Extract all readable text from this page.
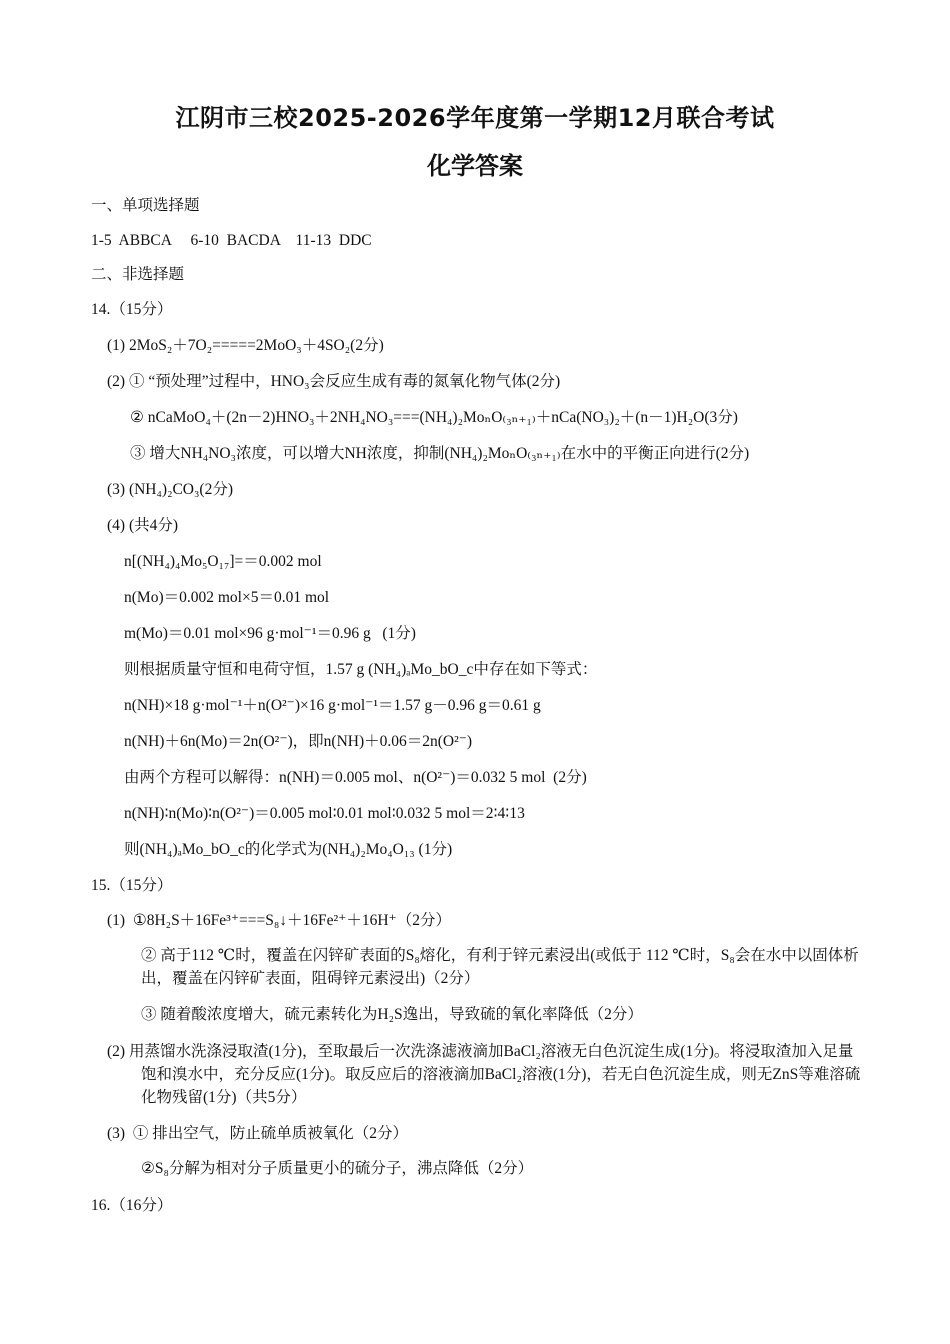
江阴市三校2025-2026学年度第一学期12月联合考试
化学答案
一、单项选择题
1-5  ABBCA     6-10  BACDA    11-13  DDC
二、非选择题
14.（15分）
(1) 2MoS₂＋7O₂=====2MoO₃＋4SO₂(2分)
(2) ① “预处理”过程中，HNO₃会反应生成有毒的氮氧化物气体(2分)
② nCaMoO₄＋(2n－2)HNO₃＋2NH₄NO₃===(NH₄)₂MoₙO₍₃ₙ₊₁₎＋nCa(NO₃)₂＋(n－1)H₂O(3分)
③ 增大NH₄NO₃浓度，可以增大NH浓度，抑制(NH₄)₂MoₙO₍₃ₙ₊₁₎在水中的平衡正向进行(2分)
(3) (NH₄)₂CO₃(2分)
(4) (共4分)
n[(NH₄)₄Mo₅O₁₇]=＝0.002 mol
n(Mo)＝0.002 mol×5＝0.01 mol
m(Mo)＝0.01 mol×96 g·mol⁻¹＝0.96 g   (1分)
则根据质量守恒和电荷守恒，1.57 g (NH₄)ₐMo_bO_c中存在如下等式：
n(NH)×18 g·mol⁻¹＋n(O²⁻)×16 g·mol⁻¹＝1.57 g－0.96 g＝0.61 g
n(NH)＋6n(Mo)＝2n(O²⁻)，即n(NH)＋0.06＝2n(O²⁻)
由两个方程可以解得：n(NH)＝0.005 mol、n(O²⁻)＝0.032 5 mol  (2分)
n(NH)∶n(Mo)∶n(O²⁻)＝0.005 mol∶0.01 mol∶0.032 5 mol＝2∶4∶13
则(NH₄)ₐMo_bO_c的化学式为(NH₄)₂Mo₄O₁₃ (1分)
15.（15分）
(1)  ①8H₂S＋16Fe³⁺===S₈↓＋16Fe²⁺＋16H⁺（2分）
② 高于112 ℃时，覆盖在闪锌矿表面的S₈熔化，有利于锌元素浸出(或低于 112 ℃时，S₈会在水中以固体析出，覆盖在闪锌矿表面，阻碍锌元素浸出)（2分）
③ 随着酸浓度增大，硫元素转化为H₂S逸出，导致硫的氧化率降低（2分）
(2) 用蒸馏水洗涤浸取渣(1分)，至取最后一次洗涤滤液滴加BaCl₂溶液无白色沉淀生成(1分)。将浸取渣加入足量饱和溴水中，充分反应(1分)。取反应后的溶液滴加BaCl₂溶液(1分)，若无白色沉淀生成，则无ZnS等难溶硫化物残留(1分)（共5分）
(3)  ① 排出空气，防止硫单质被氧化（2分）
②S₈分解为相对分子质量更小的硫分子，沸点降低（2分）
16.（16分）
